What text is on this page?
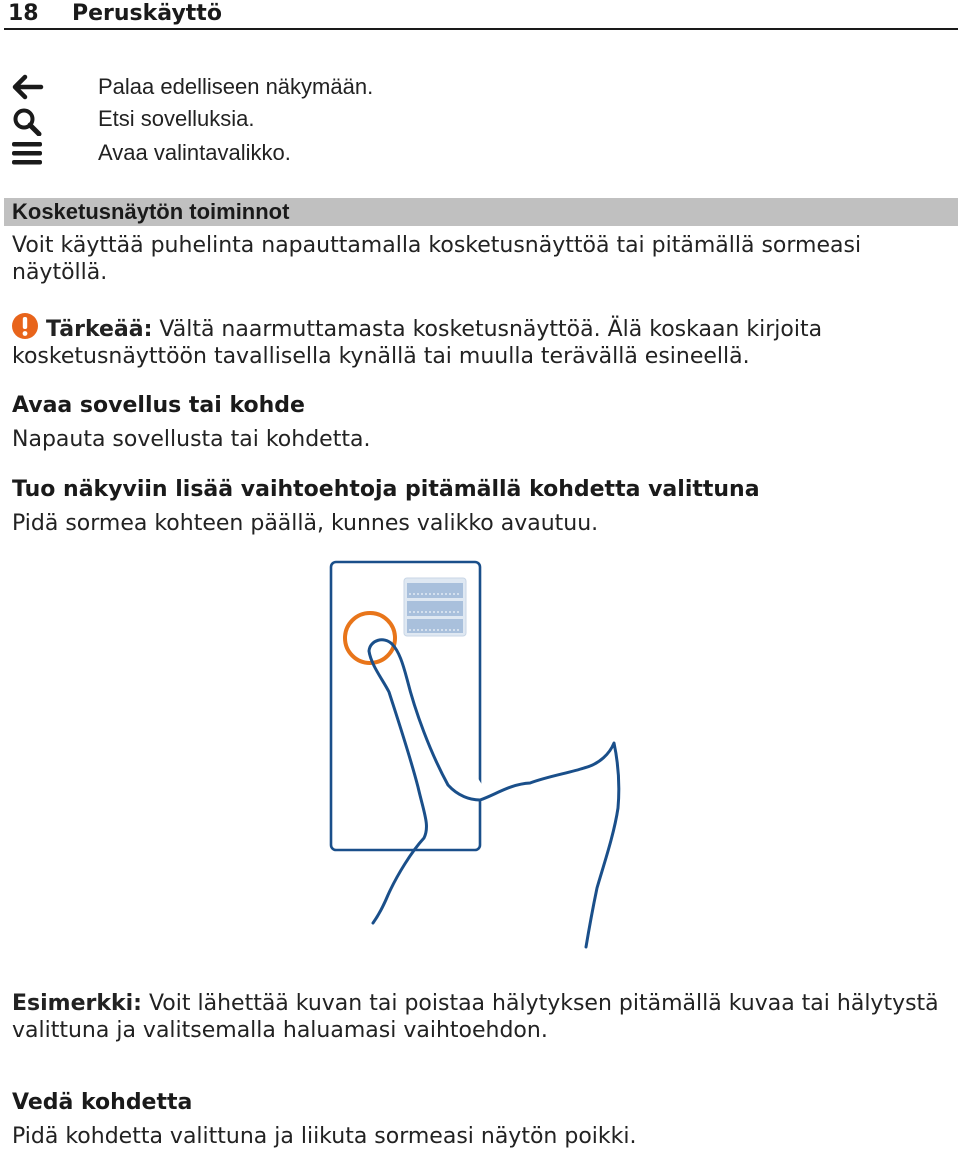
18 Peruskäyttö
Palaa edelliseen näkymään.
Etsi sovelluksia.
Avaa valintavalikko.
Kosketusnäytön toiminnot
Voit käyttää puhelinta napauttamalla kosketusnäyttöä tai pitämällä sormeasi
näytöllä.
Tärkeää: Vältä naarmuttamasta kosketusnäyttöä. Älä koskaan kirjoita
kosketusnäyttöön tavallisella kynällä tai muulla terävällä esineellä.
Avaa sovellus tai kohde
Napauta sovellusta tai kohdetta.
Tuo näkyviin lisää vaihtoehtoja pitämällä kohdetta valittuna
Pidä sormea kohteen päällä, kunnes valikko avautuu.
Esimerkki: Voit lähettää kuvan tai poistaa hälytyksen pitämällä kuvaa tai hälytystä
valittuna ja valitsemalla haluamasi vaihtoehdon.
Vedä kohdetta
Pidä kohdetta valittuna ja liikuta sormeasi näytön poikki.
